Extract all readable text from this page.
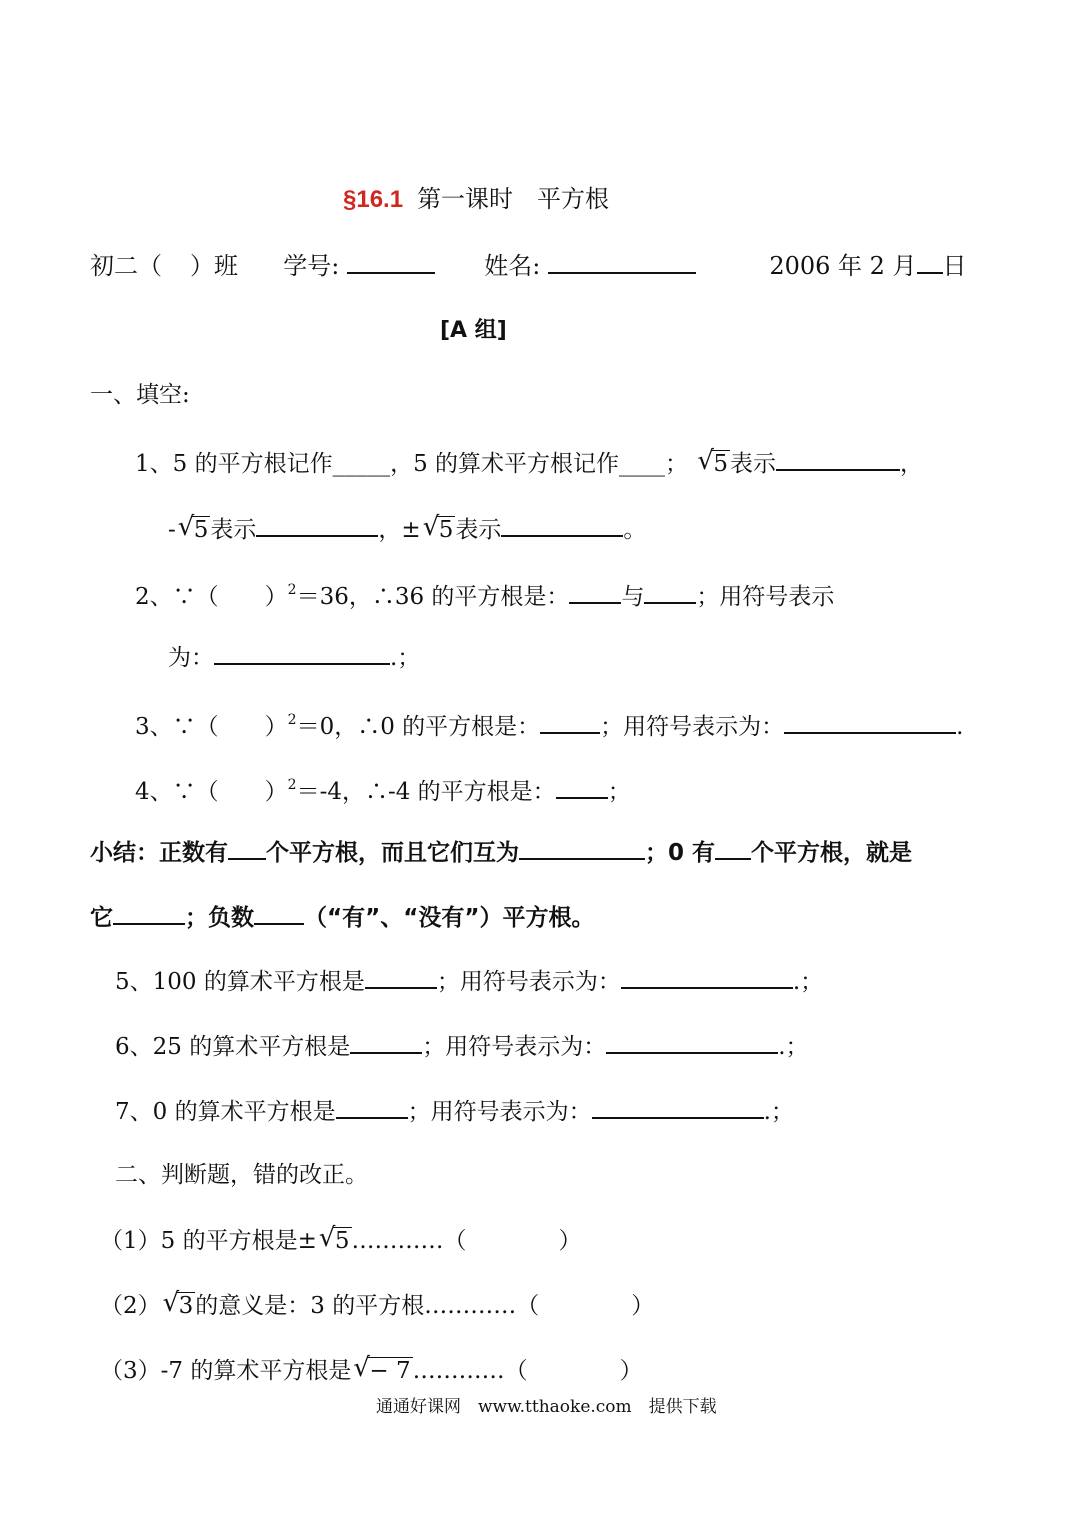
§16.1 第一课时　平方根
初二（ ）班 学号:	姓名:	2006 年 2 月 日
[A 组]
一、填空:
1、5 的平方根记作_____，5 的算术平方根记作____； √ 5表示	，
- √ 5表示	，± √ 5表示	。
2、∵（　　）$^2$＝36，∴36 的平方根是： 与 ；用符号表示
为：	.；
3、∵（　　）$^2$＝0，∴0 的平方根是：	；用符号表示为：	.
4、∵（　　）$^2$＝-4，∴-4 的平方根是： ；
小结：正数有 个平方根，而且它们互为	；0 有 个平方根，就是
它	；负数 （“有”、“没有”）平方根。
5、100 的算术平方根是	；用符号表示为：	.；
6、25 的算术平方根是	；用符号表示为：	.；
7、0 的算术平方根是	；用符号表示为：	.；
二、判断题，错的改正。
（1）5 的平方根是± √ 5…………（　　　　）
（2） √ 3的意义是：3 的平方根…………（　　　　）
（3）-7 的算术平方根是 √ − 7…………（　　　　）
通通好课网　www.tthaoke.com　提供下载
